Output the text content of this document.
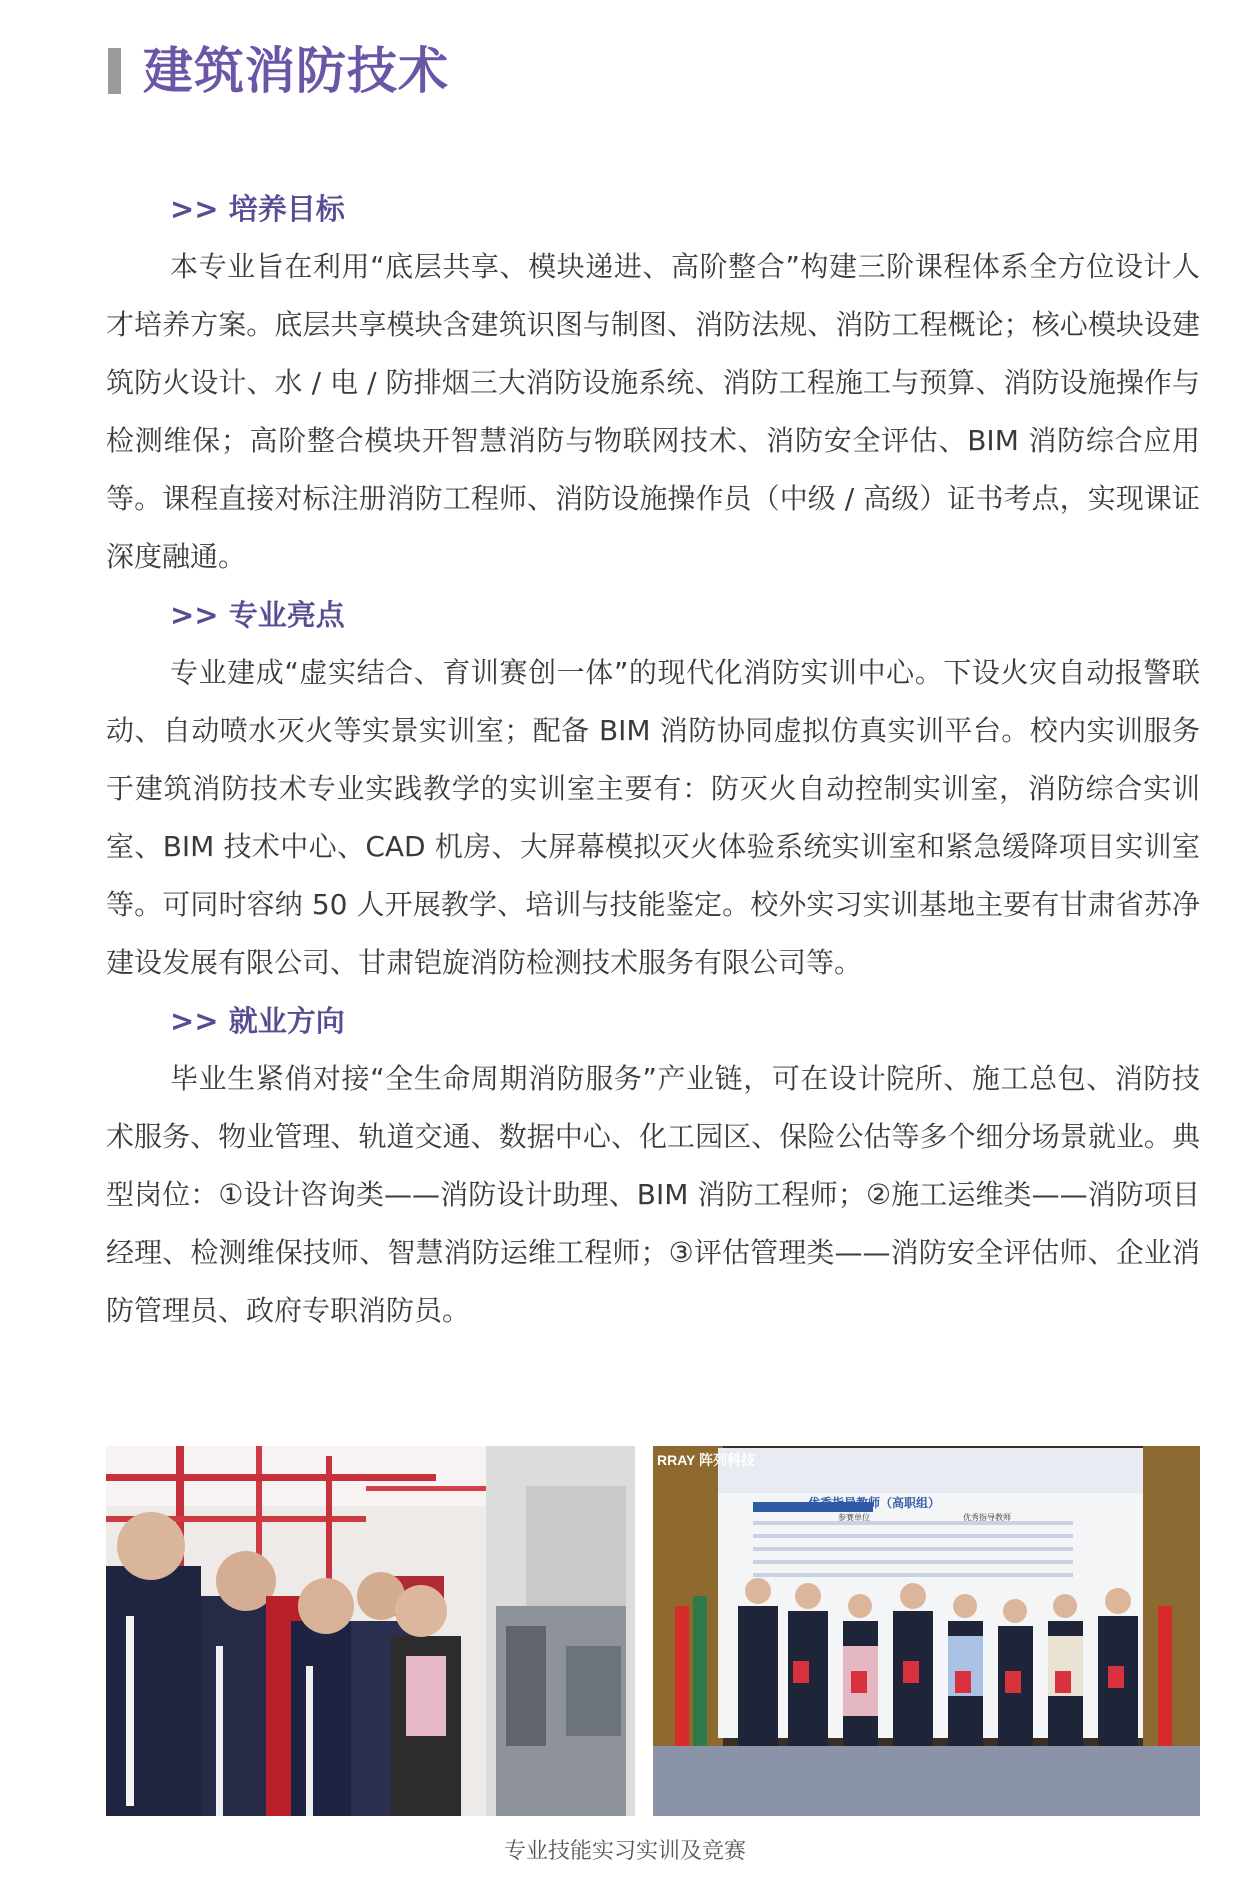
建筑消防技术
>> 培养目标

本专业旨在利用“底层共享、模块递进、高阶整合”构建三阶课程体系全方位设计人才培养方案。底层共享模块含建筑识图与制图、消防法规、消防工程概论；核心模块设建筑防火设计、水 / 电 / 防排烟三大消防设施系统、消防工程施工与预算、消防设施操作与检测维保；高阶整合模块开智慧消防与物联网技术、消防安全评估、BIM 消防综合应用等。课程直接对标注册消防工程师、消防设施操作员（中级 / 高级）证书考点，实现课证深度融通。

>> 专业亮点

专业建成“虚实结合、育训赛创一体”的现代化消防实训中心。下设火灾自动报警联动、自动喷水灭火等实景实训室；配备 BIM 消防协同虚拟仿真实训平台。校内实训服务于建筑消防技术专业实践教学的实训室主要有：防灭火自动控制实训室，消防综合实训室、BIM 技术中心、CAD 机房、大屏幕模拟灭火体验系统实训室和紧急缓降项目实训室等。可同时容纳 50 人开展教学、培训与技能鉴定。校外实习实训基地主要有甘肃省苏净建设发展有限公司、甘肃铠旋消防检测技术服务有限公司等。

>> 就业方向

毕业生紧俏对接“全生命周期消防服务”产业链，可在设计院所、施工总包、消防技术服务、物业管理、轨道交通、数据中心、化工园区、保险公估等多个细分场景就业。典型岗位：①设计咨询类——消防设计助理、BIM 消防工程师；②施工运维类——消防项目经理、检测维保技师、智慧消防运维工程师；③评估管理类——消防安全评估师、企业消防管理员、政府专职消防员。

RRAY 阵列科技
优秀指导教师（高职组）
参赛单位	优秀指导教师
专业技能实习实训及竞赛
